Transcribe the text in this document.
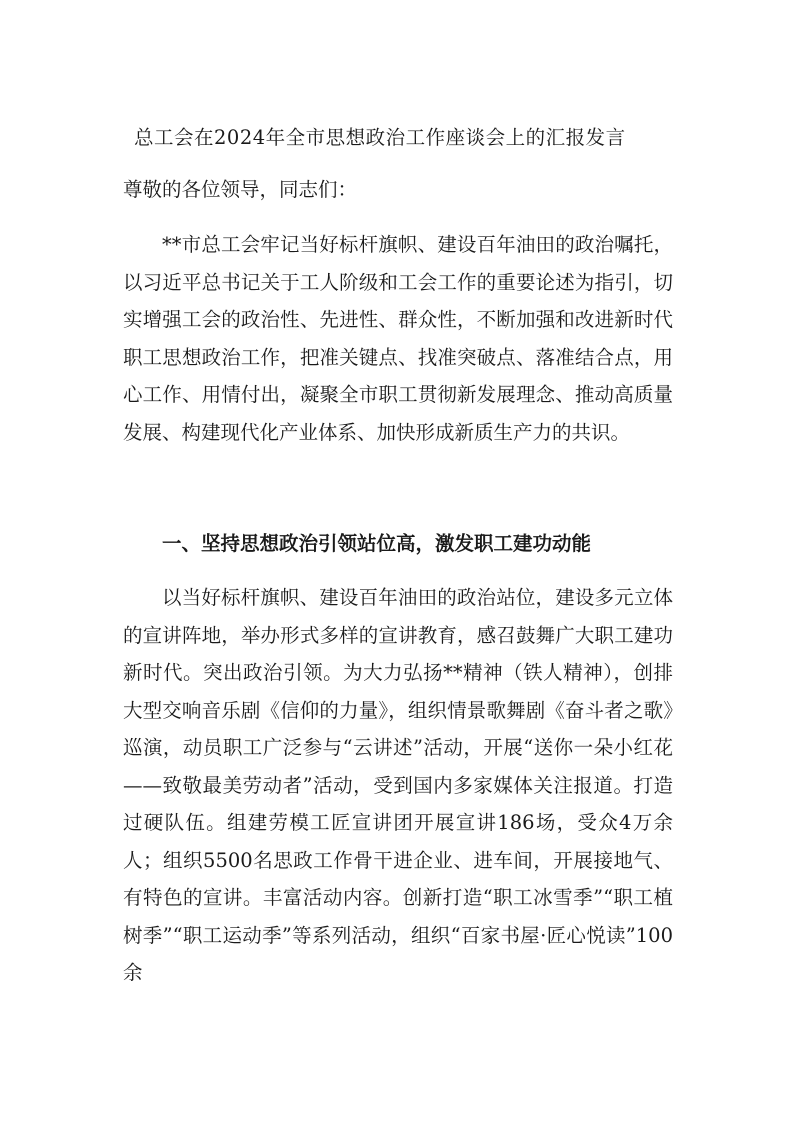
总工会在2024年全市思想政治工作座谈会上的汇报发言
尊敬的各位领导，同志们：

**市总工会牢记当好标杆旗帜、建设百年油田的政治嘱托，以习近平总书记关于工人阶级和工会工作的重要论述为指引，切实增强工会的政治性、先进性、群众性，不断加强和改进新时代职工思想政治工作，把准关键点、找准突破点、落准结合点，用心工作、用情付出，凝聚全市职工贯彻新发展理念、推动高质量发展、构建现代化产业体系、加快形成新质生产力的共识。

一、坚持思想政治引领站位高，激发职工建功动能

以当好标杆旗帜、建设百年油田的政治站位，建设多元立体的宣讲阵地，举办形式多样的宣讲教育，感召鼓舞广大职工建功新时代。突出政治引领。为大力弘扬**精神（铁人精神），创排大型交响音乐剧《信仰的力量》，组织情景歌舞剧《奋斗者之歌》巡演，动员职工广泛参与“云讲述”活动，开展“送你一朵小红花——致敬最美劳动者”活动，受到国内多家媒体关注报道。打造过硬队伍。组建劳模工匠宣讲团开展宣讲186场，受众4万余人；组织5500名思政工作骨干进企业、进车间，开展接地气、有特色的宣讲。丰富活动内容。创新打造“职工冰雪季”“职工植树季”“职工运动季”等系列活动，组织“百家书屋·匠心悦读”100余
